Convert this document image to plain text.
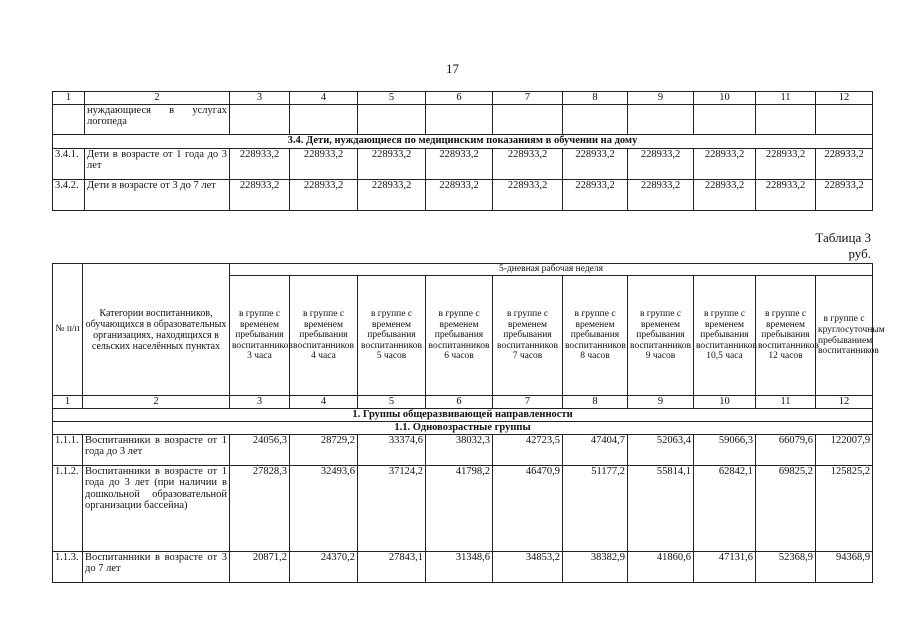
17
1	2	3	4	5	6	7	8	9	10	11	12
	нуждающиеся в услугах логопеда										
3.4. Дети, нуждающиеся по медицинским показаниям в обучении на дому											
3.4.1.	Дети в возрасте от 1 года до 3 лет	228933,2	228933,2	228933,2	228933,2	228933,2	228933,2	228933,2	228933,2	228933,2	228933,2
3.4.2.	Дети в возрасте от 3 до 7 лет	228933,2	228933,2	228933,2	228933,2	228933,2	228933,2	228933,2	228933,2	228933,2	228933,2
Таблица 3
руб.
№ п/п	Категории воспитанников, обучающихся в образовательных организациях, находящихся в сельских населённых пунктах	5-дневная рабочая неделя									
		в группе с временем пребывания воспитанников 3 часа	в группе с временем пребывания воспитанников 4 часа	в группе с временем пребывания воспитанников 5 часов	в группе с временем пребывания воспитанников 6 часов	в группе с временем пребывания воспитанников 7 часов	в группе с временем пребывания воспитанников 8 часов	в группе с временем пребывания воспитанников 9 часов	в группе с временем пребывания воспитанников 10,5 часа	в группе с временем пребывания воспитанников 12 часов	в группе с круглосуточным пребыванием воспитанников
1	2	3	4	5	6	7	8	9	10	11	12
1. Группы общеразвивающей направленности											
1.1. Одновозрастные группы											
1.1.1.	Воспитанники в возрасте от 1 года до 3 лет	24056,3	28729,2	33374,6	38032,3	42723,5	47404,7	52063,4	59066,3	66079,6	122007,9
1.1.2.	Воспитанники в возрасте от 1 года до 3 лет (при наличии в дошкольной образовательной организации бассейна)	27828,3	32493,6	37124,2	41798,2	46470,9	51177,2	55814,1	62842,1	69825,2	125825,2
1.1.3.	Воспитанники в возрасте от 3 до 7 лет	20871,2	24370,2	27843,1	31348,6	34853,2	38382,9	41860,6	47131,6	52368,9	94368,9
